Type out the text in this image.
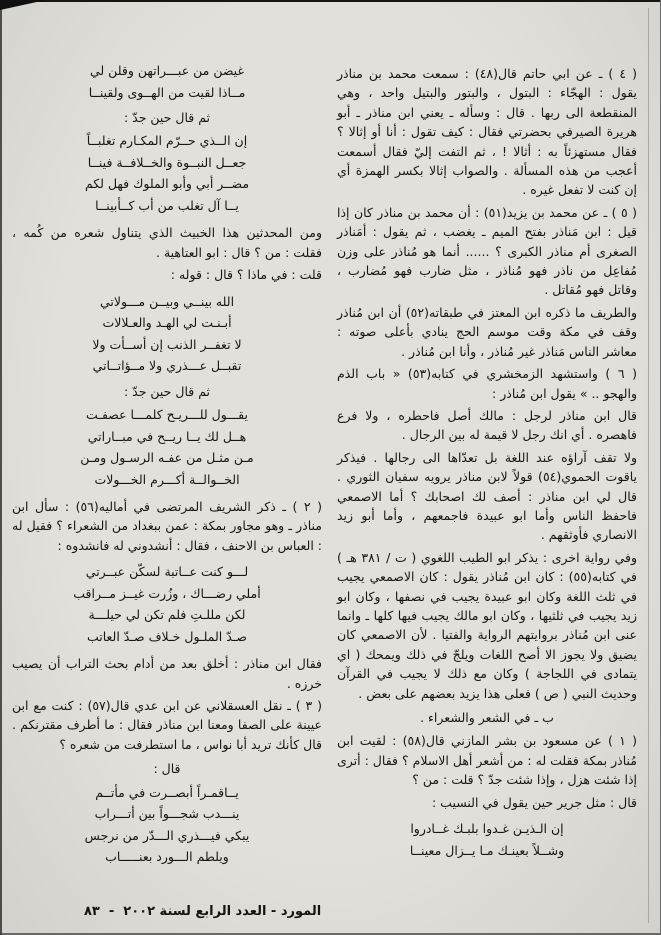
( ٤ ) ـ عن ابي حاتم قال(٤٨) : سمعت محمد بن مناذر يقول : الهجّاء : البتول ، والبتور والبتيل واحد ، وهي المنقطعة الى ربها . قال : وسأله ـ يعني ابن مناذر ـ أبو هريرة الصيرفي بحضرتي فقال : كيف تقول : أنا أو إثالا ؟ فقال مستهزئاً به : أثالا ! ، ثم التفت إليّ فقال أسمعت أعجب من هذه المسألة . والصواب إثالا بكسر الهمزة أي إن كنت لا تفعل غيره .
( ٥ ) ـ عن محمد بن يزيد(٥١) : أن محمد بن مناذر كان إذا قيل : ابن مَناذر بفتح الميم ـ يغضب ، ثم يقول : أمَناذر الصغرى أم مناذر الكبرى ؟ ...... أنما هو مُناذر على وزن مُفاعِل من ناذر فهو مُناذر ، مثل ضارب فهو مُضارب ، وقاتل فهو مُقاتل .
والطريف ما ذكره ابن المعتز في طبقاته(٥٢) أن ابن مُناذر وقف في مكة وقت موسم الحج ينادي بأعلى صوته : معاشر الناس مَناذر غير مُناذر ، وأنا ابن مُناذر .
( ٦ ) واستشهد الزمخشري في كتابه(٥٣) « باب الذم والهجو .. » يقول ابن مُناذر :
قال ابن مناذر لرجل : مالك أصل فاحطره ، ولا فرع فاهصره . أي انك رجل لا قيمة له بين الرجال .
ولا تقف آراؤه عند اللغة بل تعدّاها الى رجالها . فيذكر ياقوت الحموي(٥٤) قولاً لابن مناذر يرويه سفيان الثوري . قال لي ابن مناذر : أصف لك اصحابك ؟ أما الاصمعي فاحفظ الناس وأما ابو عبيدة فاجمعهم ، وأما أبو زيد الانصاري فأوثقهم .
وفي رواية اخرى : يذكر ابو الطيب اللغوي ( ت / ٣٨١ هـ ) في كتابه(٥٥) : كان ابن مُناذر يقول : كان الاصمعي يجيب في ثلث اللغة وكان ابو عبيدة يجيب في نصفها ، وكان ابو زيد يجيب في ثلثيها ، وكان ابو مالك يجيب فيها كلها ـ وانما عنى ابن مُناذر بروايتهم الرواية والفتيا . لأن الاصمعي كان يضيق ولا يجوز الا أصح اللغات ويلجّ في ذلك ويمحك ( اي يتمادى في اللجاجة ) وكان مع ذلك لا يجيب في القرآن وحديث النبي ( ص ) فعلى هذا يزيد بعضهم على بعض .
ب ـ في الشعر والشعراء .
( ١ ) عن مسعود بن بشر المازني قال(٥٨) : لقيت ابن مُناذر بمكة فقلت له : من أشعر أهل الاسلام ؟ فقال : أترى إذا شئت هزل ، وإذا شئت جدّ ؟ قلت : من ؟
قال : مثل جرير حين يقول في النسيب :
إن الـذيـن غـدوا بلبـك غــادروا
وشــلاً بعينـك مـا يــزال معينــا
غيضن من عبـــراتهن وقلن لي
مــاذا لقيت من الهــوى ولقينــا
ثم قال حين جدّ :
إن الــذي حــرّم المكـارم تغلبــاً
جعــل النبــوة والخــلافــة فينــا
مضــر أبي وأبو الملوك فهل لكم
يــا آل تغلب من أب كــأبينــا
ومن المحدثين هذا الخبيث الذي يتناول شعره من كُمه ، فقلت : من ؟ قال : ابو العتاهية .
قلت : في ماذا ؟ قال : قوله :
الله بينــي وبيــن مـــولاتي
أبـنـت لي الهـد والعـلالات
لا تغفــر الذنب إن أســأت ولا
تقبــل عـــذري ولا مــؤاتــاتي
ثم قال حين جدّ :
يقـــول للـــريـح كلمـــا عصفـت
هــل لك يــا ريــح في مبــاراتي
مـن مثـل من عفـه الرسـول ومـن
الخــوالــة أكـــرم الخـــولات
( ٢ ) ـ ذكر الشريف المرتضى في أماليه(٥٦) : سأل ابن مناذر ـ وهو مجاور بمكة : عمن ببغداد من الشعراء ؟ فقيل له : العباس بن الاحنف ، فقال : أنشدوني له فانشدوه :
لـــو كنت عــاتبة لسكّن عبــرتي
أملي رضـــاك ، وزُرت غيــز مــراقب
لكن مللـتِ فلم تكن لي حيلـــة
صـدّ الملـول خـلاف صـدّ العاتب
فقال ابن مناذر : أخلق بعد من أدام بحث التراب أن يصيب خرزه .
( ٣ ) ـ نقل العسقلاني عن ابن عدي قال(٥٧) : كنت مع ابن عيينة على الصفا ومعنا ابن مناذر فقال : ما أطرف مقترنكم . قال كأنك تريد أبا نواس ، ما استطرفت من شعره ؟
قال :
يــاقمـراً أبصــرت في مأتــم
ينـــدب شجـــواً بين أتـــراب
يبكي فيـــذري الـــدّر من نرجس
ويلطم الـــورد بعنـــــاب
٨٣ - المورد - العدد الرابع لسنة ٢٠٠٢
